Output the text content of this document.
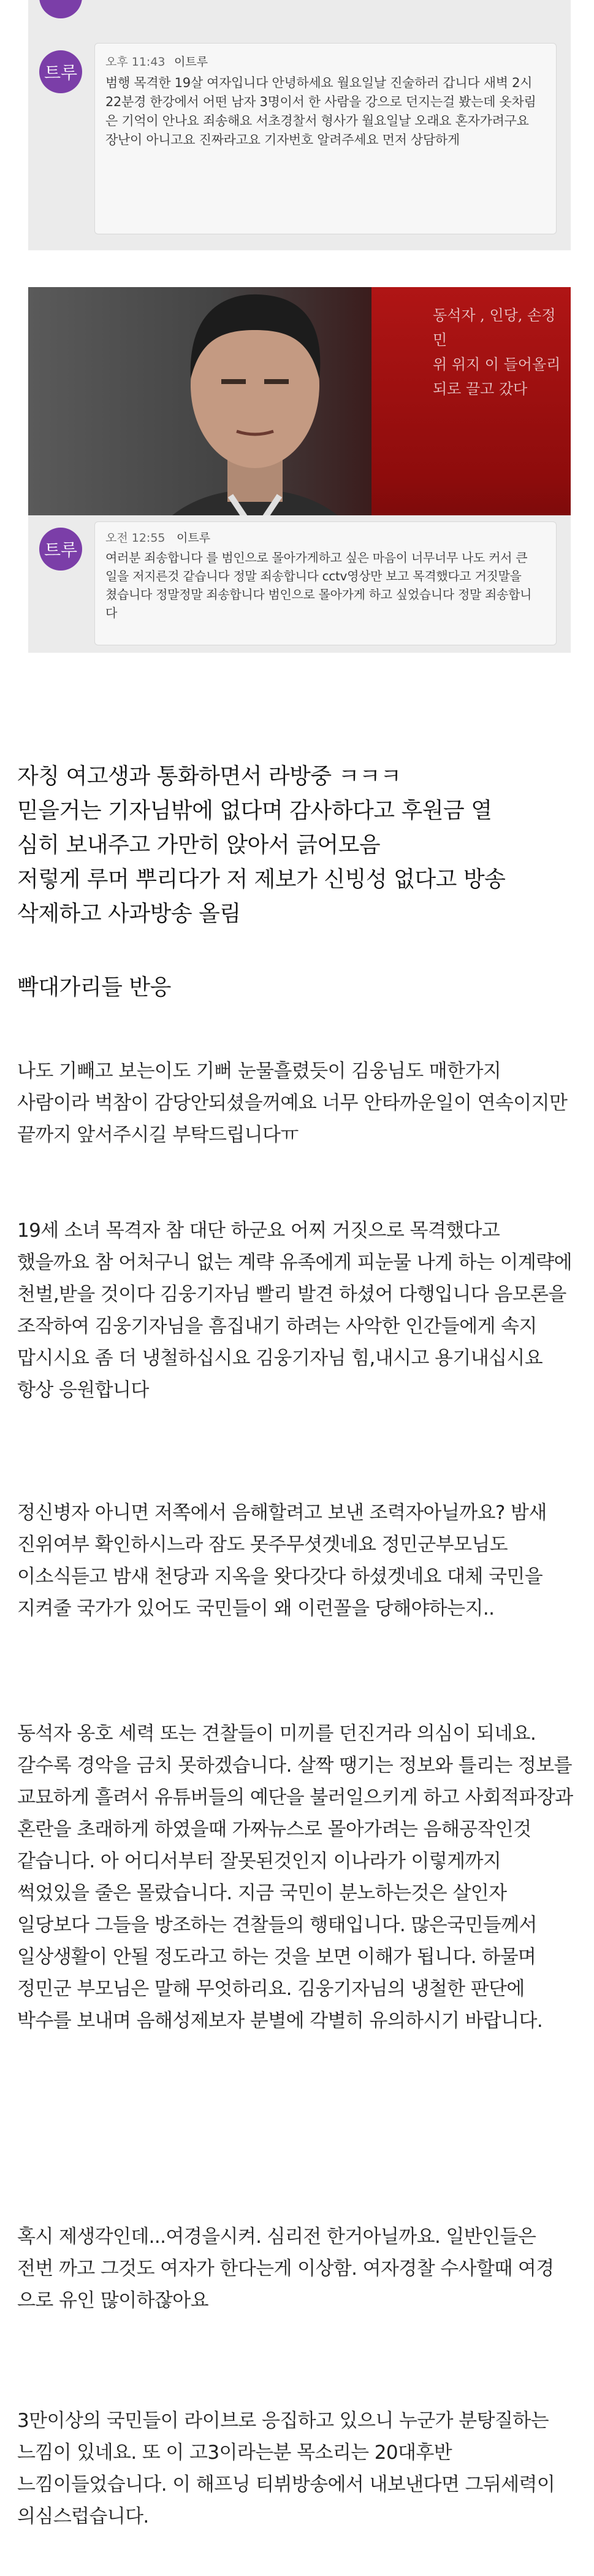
트루
오후 11:43 이트루
범행 목격한 19살 여자입니다 안녕하세요 월요일날 진술하러 갑니다 새벽 2시22분경 한강에서 어떤 남자 3명이서 한 사람을 강으로 던지는걸 봤는데 옷차림은 기억이 안나요 죄송해요 서초경찰서 형사가 월요일날 오래요 혼자가려구요 장난이 아니고요 진짜라고요 기자번호 알려주세요 먼저 상담하게
동석자 , 인당, 손정민
위 위지 이 들어올리
되로 끌고 갔다
트루
오전 12:55 이트루
여러분 죄송합니다 를 범인으로 몰아가게하고 싶은 마음이 너무너무 나도 커서 큰일을 저지른것 같습니다 정말 죄송합니다 cctv영상만 보고 목격했다고 거짓말을 쳤습니다 정말정말 죄송합니다 범인으로 몰아가게 하고 싶었습니다 정말 죄송합니다
자칭 여고생과 통화하면서 라방중 ㅋㅋㅋ
믿을거는 기자님밖에 없다며 감사하다고 후원금 열
심히 보내주고 가만히 앉아서 긁어모음
저렇게 루머 뿌리다가 저 제보가 신빙성 없다고 방송
삭제하고 사과방송 올림
빡대가리들 반응
나도 기빼고 보는이도 기뻐 눈물흘렸듯이 김웅님도 매한가지 사람이라 벅참이 감당안되셨을꺼예요 너무 안타까운일이 연속이지만 끝까지 앞서주시길 부탁드립니다ㅠ
19세 소녀 목격자 참 대단 하군요 어찌 거짓으로 목격했다고 했을까요 참 어처구니 없는 계략 유족에게 피눈물 나게 하는 이계략에 천벌,받을 것이다 김웅기자님 빨리 발견 하셨어 다행입니다 음모론을 조작하여 김웅기자님을 흠집내기 하려는 사악한 인간들에게 속지 맙시시요 좀 더 냉철하십시요 김웅기자님 힘,내시고 용기내십시요 항상 응원합니다
정신병자 아니면 저쪽에서 음해할려고 보낸 조력자아닐까요? 밤새 진위여부 확인하시느라 잠도 못주무셧겟네요 정민군부모님도 이소식듣고 밤새 천당과 지옥을 왓다갓다 하셨겟네요 대체 국민을 지켜줄 국가가 있어도 국민들이 왜 이런꼴을 당해야하는지..
동석자 옹호 세력 또는 견찰들이 미끼를 던진거라 의심이 되네요. 갈수록 경악을 금치 못하겠습니다. 살짝 땡기는 정보와 틀리는 정보를 교묘하게 흘려서 유튜버들의 예단을 불러일으키게 하고 사회적파장과 혼란을 초래하게 하였을때 가짜뉴스로 몰아가려는 음해공작인것 같습니다. 아 어디서부터 잘못된것인지 이나라가 이렇게까지 썩었있을 줄은 몰랐습니다. 지금 국민이 분노하는것은 살인자 일당보다 그들을 방조하는 견찰들의 행태입니다. 많은국민들께서 일상생활이 안될 정도라고 하는 것을 보면 이해가 됩니다. 하물며 정민군 부모님은 말해 무엇하리요. 김웅기자님의 냉철한 판단에 박수를 보내며 음해성제보자 분별에 각별히 유의하시기 바랍니다.
혹시 제생각인데...여경을시켜. 심리전 한거아닐까요. 일반인들은 전번 까고 그것도 여자가 한다는게 이상함. 여자경찰 수사할때 여경 으로 유인 많이하잖아요
3만이상의 국민들이 라이브로 응집하고 있으니 누군가 분탕질하는 느낌이 있네요. 또 이 고3이라는분 목소리는 20대후반 느낌이들었습니다. 이 해프닝 티뷔방송에서 내보낸다면 그뒤세력이 의심스럽습니다.
